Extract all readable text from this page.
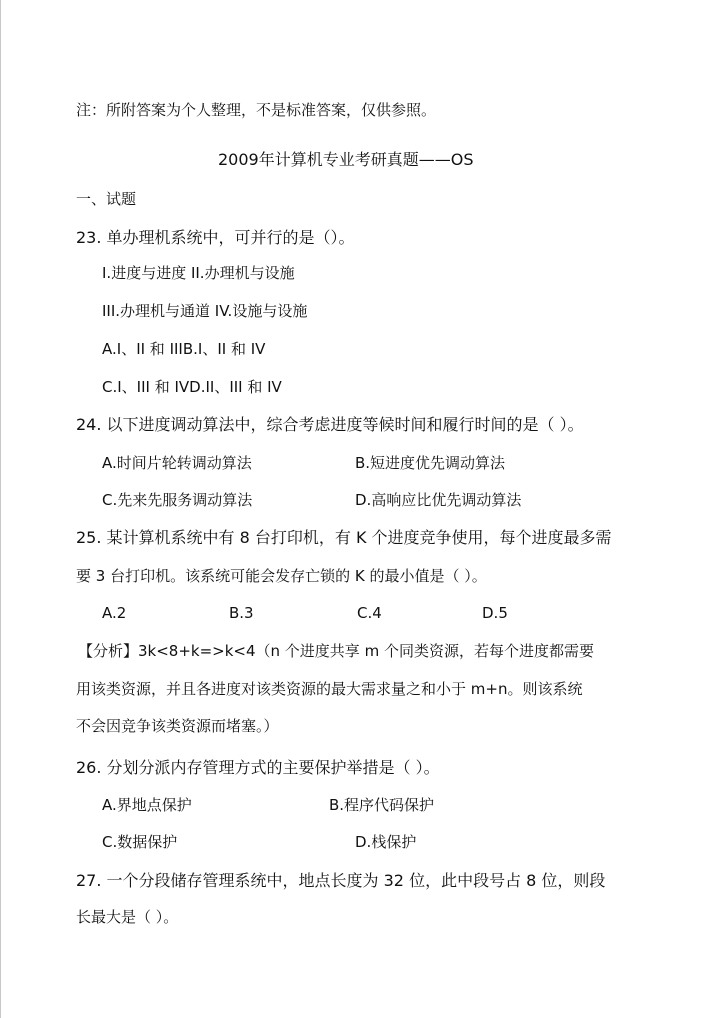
注：所附答案为个人整理，不是标准答案，仅供参照。
2009年计算机专业考研真题——OS
一、试题
23. 单办理机系统中，可并行的是（）。
I.进度与进度 II.办理机与设施
III.办理机与通道 IV.设施与设施
A.I、II 和 IIIB.I、II 和 IV
C.I、III 和 IVD.II、III 和 IV
24. 以下进度调动算法中，综合考虑进度等候时间和履行时间的是（ ）。
A.时间片轮转调动算法	B.短进度优先调动算法
C.先来先服务调动算法	D.高响应比优先调动算法
25. 某计算机系统中有 8 台打印机，有 K 个进度竞争使用，每个进度最多需
要 3 台打印机。该系统可能会发存亡锁的 K 的最小值是（ ）。
A.2	B.3	C.4	D.5
【分析】3k<8+k=>k<4（n 个进度共享 m 个同类资源，若每个进度都需要
用该类资源，并且各进度对该类资源的最大需求量之和小于 m+n。则该系统
不会因竞争该类资源而堵塞。）
26. 分划分派内存管理方式的主要保护举措是（ ）。
A.界地点保护	B.程序代码保护
C.数据保护	D.栈保护
27. 一个分段储存管理系统中，地点长度为 32 位，此中段号占 8 位，则段
长最大是（ ）。
